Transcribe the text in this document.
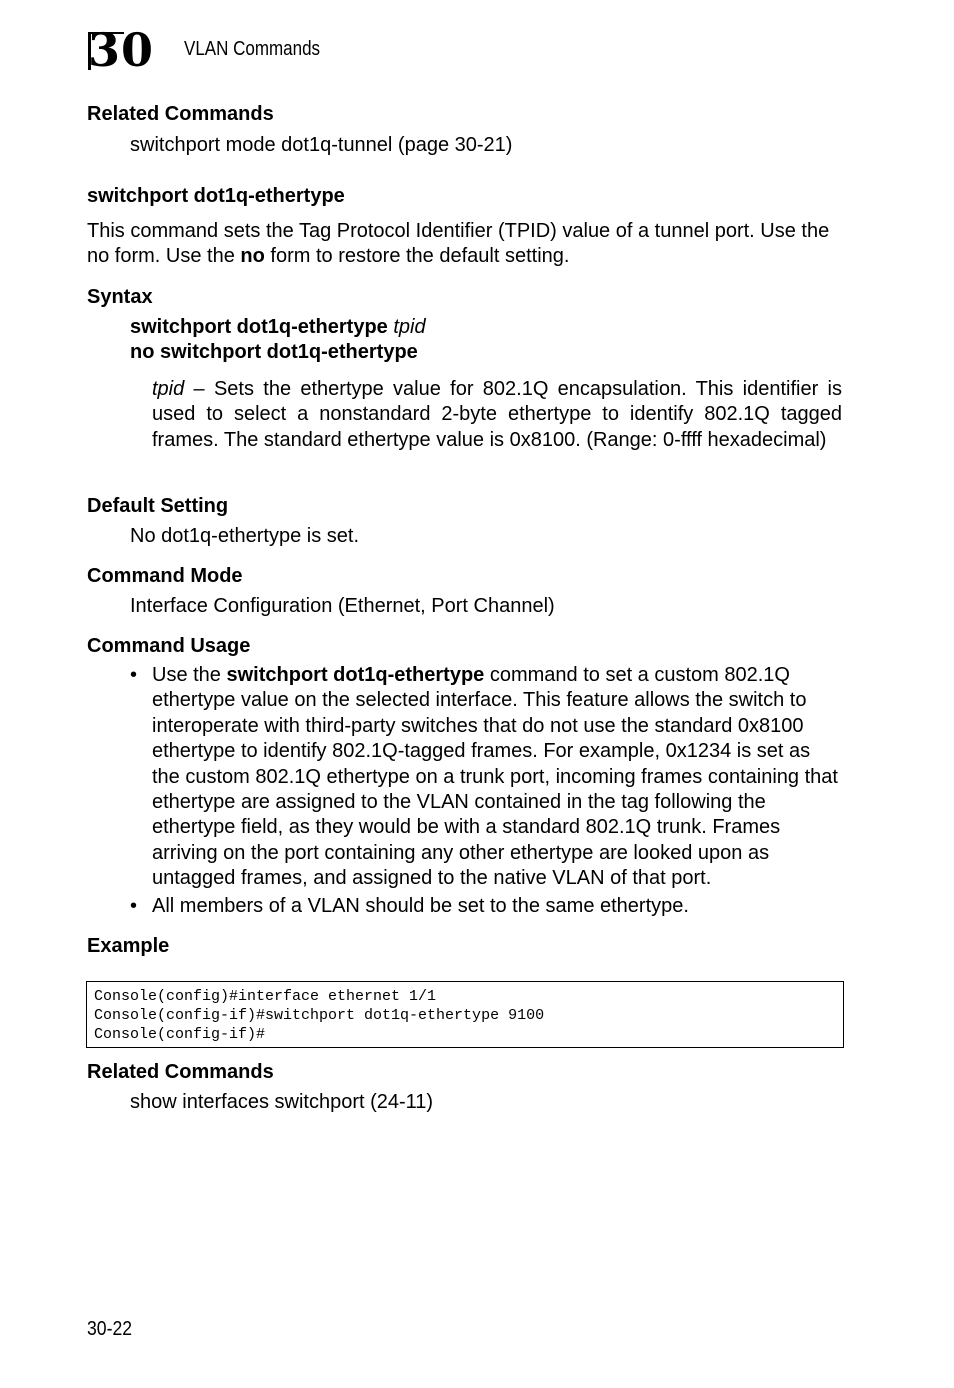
30	VLAN Commands
Related Commands
switchport mode dot1q-tunnel (page 30-21)
switchport dot1q-ethertype
This command sets the Tag Protocol Identifier (TPID) value of a tunnel port. Use the no form. Use the no form to restore the default setting.
Syntax
switchport dot1q-ethertype tpid
no switchport dot1q-ethertype
tpid – Sets the ethertype value for 802.1Q encapsulation. This identifier is used to select a nonstandard 2-byte ethertype to identify 802.1Q tagged frames. The standard ethertype value is 0x8100. (Range: 0-ffff hexadecimal)
Default Setting
No dot1q-ethertype is set.
Command Mode
Interface Configuration (Ethernet, Port Channel)
Command Usage
• Use the switchport dot1q-ethertype command to set a custom 802.1Q ethertype value on the selected interface. This feature allows the switch to interoperate with third-party switches that do not use the standard 0x8100 ethertype to identify 802.1Q-tagged frames. For example, 0x1234 is set as the custom 802.1Q ethertype on a trunk port, incoming frames containing that ethertype are assigned to the VLAN contained in the tag following the ethertype field, as they would be with a standard 802.1Q trunk. Frames arriving on the port containing any other ethertype are looked upon as untagged frames, and assigned to the native VLAN of that port.
• All members of a VLAN should be set to the same ethertype.
Example
Console(config)#interface ethernet 1/1
Console(config-if)#switchport dot1q-ethertype 9100
Console(config-if)#
Related Commands
show interfaces switchport (24-11)
30-22
